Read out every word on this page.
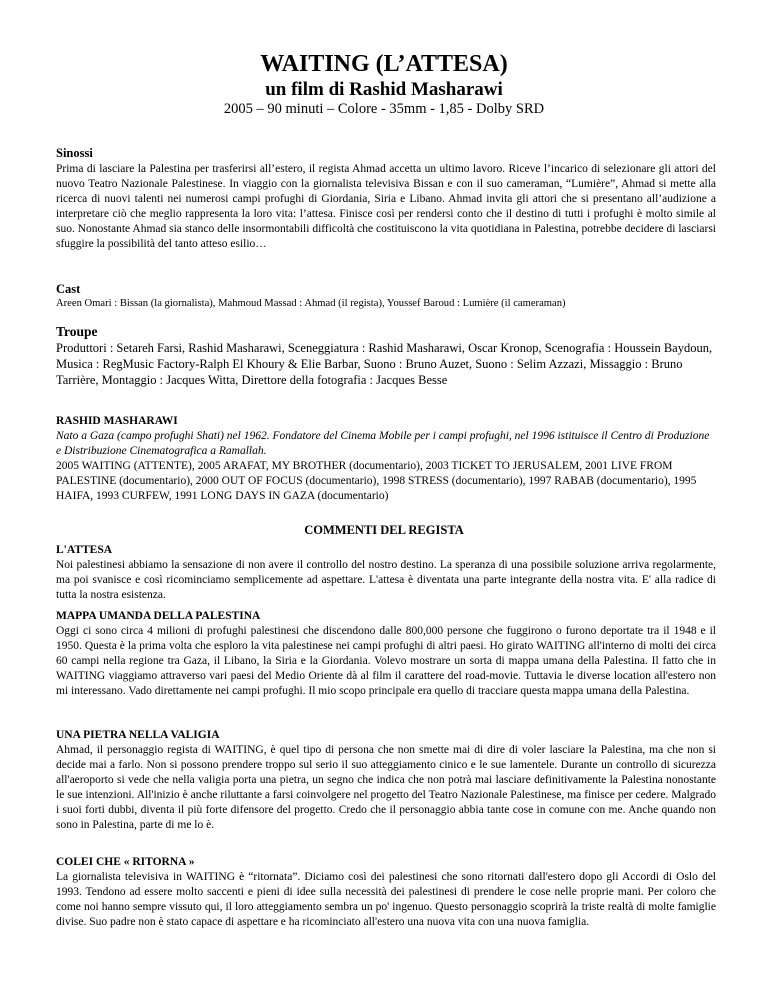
WAITING (L’ATTESA)
un film di Rashid Masharawi
2005 – 90 minuti – Colore - 35mm - 1,85 - Dolby SRD
Sinossi
Prima di lasciare la Palestina per trasferirsi all’estero, il regista Ahmad accetta un ultimo lavoro. Riceve l’incarico di selezionare gli attori del nuovo Teatro Nazionale Palestinese. In viaggio con la giornalista televisiva Bissan e con il suo cameraman, “Lumière”, Ahmad si mette alla ricerca di nuovi talenti nei numerosi campi profughi di Giordania, Siria e Libano. Ahmad invita gli attori che si presentano all’audizione a interpretare ciò che meglio rappresenta la loro vita: l’attesa. Finisce così per rendersi conto che il destino di tutti i profughi è molto simile al suo. Nonostante Ahmad sia stanco delle insormontabili difficoltà che costituiscono la vita quotidiana in Palestina, potrebbe decidere di lasciarsi sfuggire la possibilità del tanto atteso esilio…
Cast
Areen Omari : Bissan (la giornalista), Mahmoud Massad : Ahmad (il regista), Youssef Baroud : Lumière (il cameraman)
Troupe
Produttori : Setareh Farsi, Rashid Masharawi, Sceneggiatura : Rashid Masharawi, Oscar Kronop, Scenografia : Houssein Baydoun, Musica : RegMusic Factory-Ralph El Khoury & Elie Barbar, Suono : Bruno Auzet, Suono : Selim Azzazi, Missaggio : Bruno Tarrière, Montaggio : Jacques Witta, Direttore della fotografia : Jacques Besse
RASHID MASHARAWI
Nato a Gaza (campo profughi Shati) nel 1962. Fondatore del Cinema Mobile per i campi profughi, nel 1996 istituisce il Centro di Produzione e Distribuzione Cinematografica a Ramallah.
2005 WAITING (ATTENTE), 2005 ARAFAT, MY BROTHER (documentario), 2003 TICKET TO JERUSALEM, 2001 LIVE FROM PALESTINE (documentario), 2000 OUT OF FOCUS (documentario), 1998 STRESS (documentario), 1997 RABAB (documentario), 1995 HAIFA, 1993 CURFEW, 1991 LONG DAYS IN GAZA (documentario)
COMMENTI DEL REGISTA
L'ATTESA
Noi palestinesi abbiamo la sensazione di non avere il controllo del nostro destino. La speranza di una possibile soluzione arriva regolarmente, ma poi svanisce e così ricominciamo semplicemente ad aspettare. L'attesa è diventata una parte integrante della nostra vita. E' alla radice di tutta la nostra esistenza.
MAPPA UMANDA DELLA PALESTINA
Oggi ci sono circa 4 milioni di profughi palestinesi che discendono dalle 800,000 persone che fuggirono o furono deportate tra il 1948 e il 1950. Questa è la prima volta che esploro la vita palestinese nei campi profughi di altri paesi. Ho girato WAITING all'interno di molti dei circa 60 campi nella regione tra Gaza, il Libano, la Siria e la Giordania. Volevo mostrare un sorta di mappa umana della Palestina. Il fatto che in WAITING viaggiamo attraverso vari paesi del Medio Oriente dà al film il carattere del road-movie. Tuttavia le diverse location all'estero non mi interessano. Vado direttamente nei campi profughi. Il mio scopo principale era quello di tracciare questa mappa umana della Palestina.
UNA PIETRA NELLA VALIGIA
Ahmad, il personaggio regista di WAITING, è quel tipo di persona che non smette mai di dire di voler lasciare la Palestina, ma che non si decide mai a farlo. Non si possono prendere troppo sul serio il suo atteggiamento cinico e le sue lamentele. Durante un controllo di sicurezza all'aeroporto si vede che nella valigia porta una pietra, un segno che indica che non potrà mai lasciare definitivamente la Palestina nonostante le sue intenzioni. All'inizio è anche riluttante a farsi coinvolgere nel progetto del Teatro Nazionale Palestinese, ma finisce per cedere. Malgrado i suoi forti dubbi, diventa il più forte difensore del progetto. Credo che il personaggio abbia tante cose in comune con me. Anche quando non sono in Palestina, parte di me lo è.
COLEI CHE « RITORNA »
La giornalista televisiva in WAITING è “ritornata”. Diciamo così dei palestinesi che sono ritornati dall'estero dopo gli Accordi di Oslo del 1993. Tendono ad essere molto saccenti e pieni di idee sulla necessità dei palestinesi di prendere le cose nelle proprie mani. Per coloro che come noi hanno sempre vissuto qui, il loro atteggiamento sembra un po' ingenuo. Questo personaggio scoprirà la triste realtà di molte famiglie divise. Suo padre non è stato capace di aspettare e ha ricominciato all'estero una nuova vita con una nuova famiglia.
